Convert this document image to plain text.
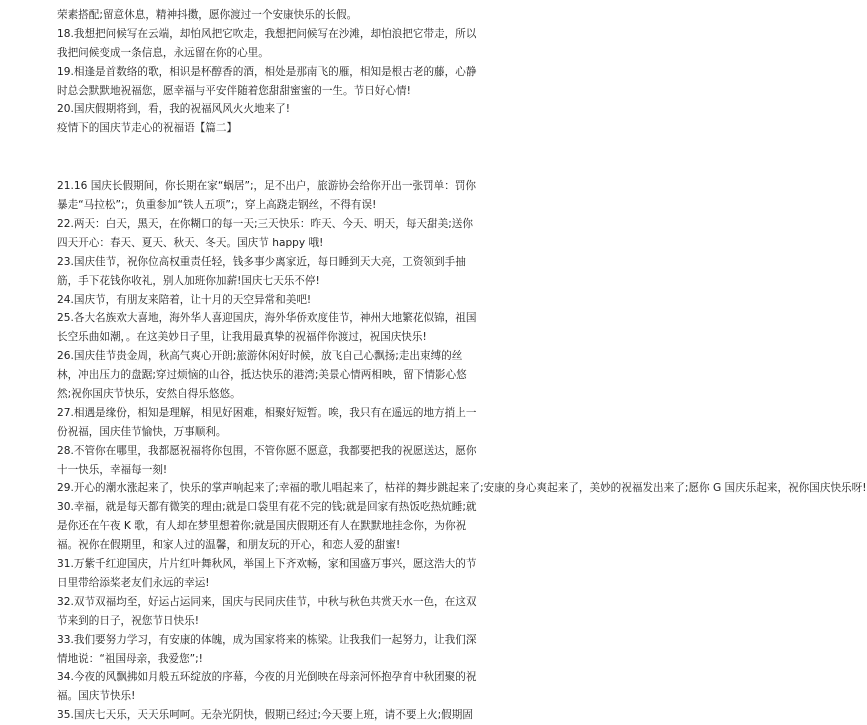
荣素搭配;留意休息，精神抖擞，愿你渡过一个安康快乐的长假。
18.我想把问候写在云端，却怕风把它吹走，我想把问候写在沙滩，却怕浪把它带走，所以
我把问候变成一条信息，永远留在你的心里。
19.相逢是首数络的歌，相识是杯醇香的酒，相处是那南飞的雁，相知是根古老的藤，心静
时总会默默地祝福您，愿幸福与平安伴随着您甜甜蜜蜜的一生。节日好心情!
20.国庆假期将到，看，我的祝福风风火火地来了!
疫情下的国庆节走心的祝福语【篇二】
21.16 国庆长假期间，你长期在家“蜗居”;，足不出户，旅游协会给你开出一张罚单：罚你
暴走“马拉松”;，负重参加“铁人五项”;，穿上高跷走钢丝，不得有误!
22.两天：白天，黑天，在你糊口的每一天;三天快乐：昨天、今天、明天，每天甜美;送你
四天开心：春天、夏天、秋天、冬天。国庆节 happy 哦!
23.国庆佳节，祝你位高权重责任轻，钱多事少离家近，每日睡到天大亮，工资领到手抽
筋，手下花钱你收礼，别人加班你加薪!国庆七天乐不停!
24.国庆节，有朋友来陪着，让十月的天空异常和美吧!
25.各大名族欢大喜地，海外华人喜迎国庆，海外华侨欢度佳节，神州大地繁花似锦，祖国
长空乐曲如潮，。在这美妙日子里，让我用最真挚的祝福伴你渡过，祝国庆快乐!
26.国庆佳节贵金周，秋高气爽心开朗;旅游休闲好时候，放飞自己心飘扬;走出束缚的丝
林，冲出压力的盘踞;穿过烦恼的山谷，抵达快乐的港湾;美景心情两相映，留下情影心悠
然;祝你国庆节快乐，安然自得乐悠悠。
27.相遇是缘份，相知是理解，相见好困难，相聚好短暂。唉，我只有在遥远的地方捎上一
份祝福，国庆佳节愉快，万事顺利。
28.不管你在哪里，我都愿祝福将你包围，不管你愿不愿意，我都要把我的祝愿送达，愿你
十一快乐，幸福每一刻!
29.开心的潮水涨起来了，快乐的掌声响起来了;幸福的歌儿唱起来了，枯祥的舞步跳起来了;安康的身心爽起来了，美妙的祝福发出来了;愿你 G 国庆乐起来，祝你国庆快乐呀!
30.幸福，就是每天都有微笑的理由;就是口袋里有花不完的钱;就是回家有热饭吃热炕睡;就
是你还在午夜 K 歌，有人却在梦里想着你;就是国庆假期还有人在默默地挂念你，为你祝
福。祝你在假期里，和家人过的温馨，和朋友玩的开心，和恋人爱的甜蜜!
31.万紫千红迎国庆，片片红叶舞秋风，举国上下齐欢畅，家和国盛万事兴，愿这浩大的节
日里带给添桨老友们永远的幸运!
32.双节双福均至，好运占运同来，国庆与民同庆佳节，中秋与秋色共赏天水一色，在这双
节来到的日子，祝您节日快乐!
33.我们要努力学习，有安康的体魄，成为国家将来的栋梁。让我我们一起努力，让我们深
情地说：“祖国母亲，我爱您”;!
34.今夜的风飘拂如月般五环绽放的序幕，今夜的月光倒映在母亲河怀抱孕育中秋团聚的祝
福。国庆节快乐!
35.国庆七天乐，天天乐呵呵。无杂光阴快，假期已经过;今天要上班，请不要上火;假期固
